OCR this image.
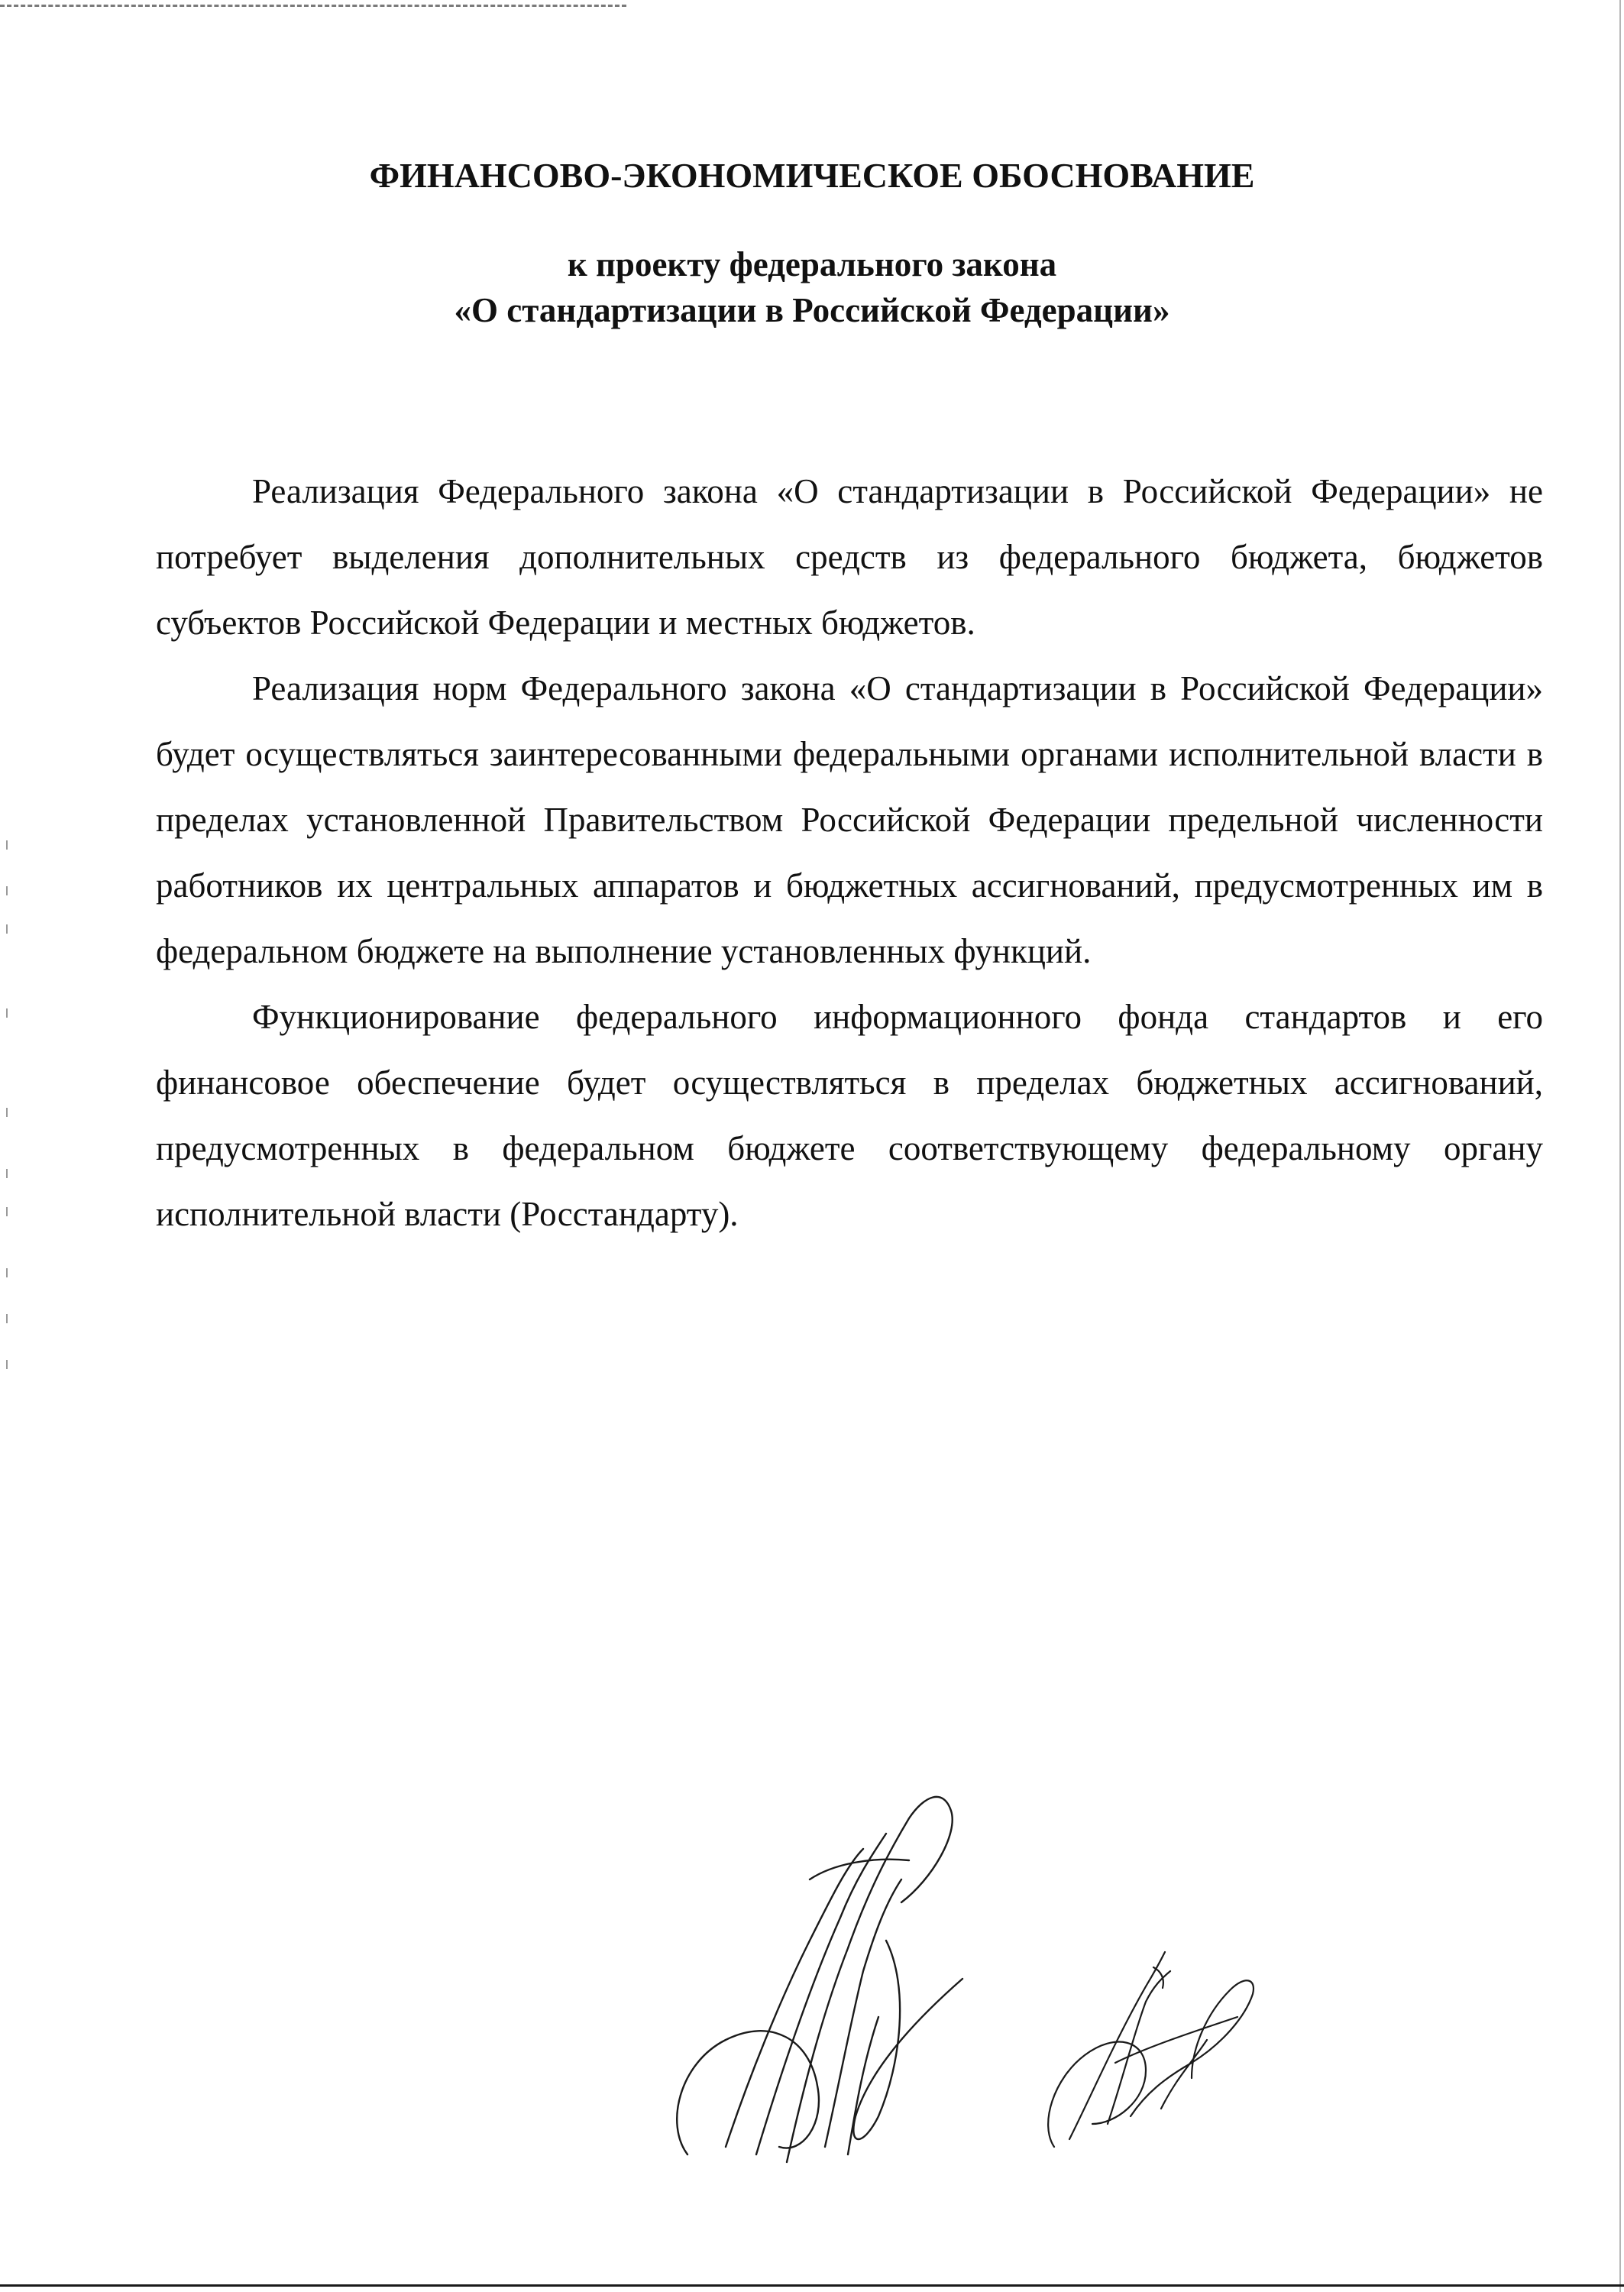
ФИНАНСОВО-ЭКОНОМИЧЕСКОЕ ОБОСНОВАНИЕ
к проекту федерального закона
«О стандартизации в Российской Федерации»

Реализация Федерального закона «О стандартизации в Российской Федерации» не потребует выделения дополнительных средств из федерального бюджета, бюджетов субъектов Российской Федерации и местных бюджетов.

Реализация норм Федерального закона «О стандартизации в Российской Федерации» будет осуществляться заинтересованными федеральными органами исполнительной власти в пределах установленной Правительством Российской Федерации предельной численности работников их центральных аппаратов и бюджетных ассигнований, предусмотренных им в федеральном бюджете на выполнение установленных функций.

Функционирование федерального информационного фонда стандартов и его финансовое обеспечение будет осуществляться в пределах бюджетных ассигнований, предусмотренных в федеральном бюджете соответствующему федеральному органу исполнительной власти (Росстандарту).
